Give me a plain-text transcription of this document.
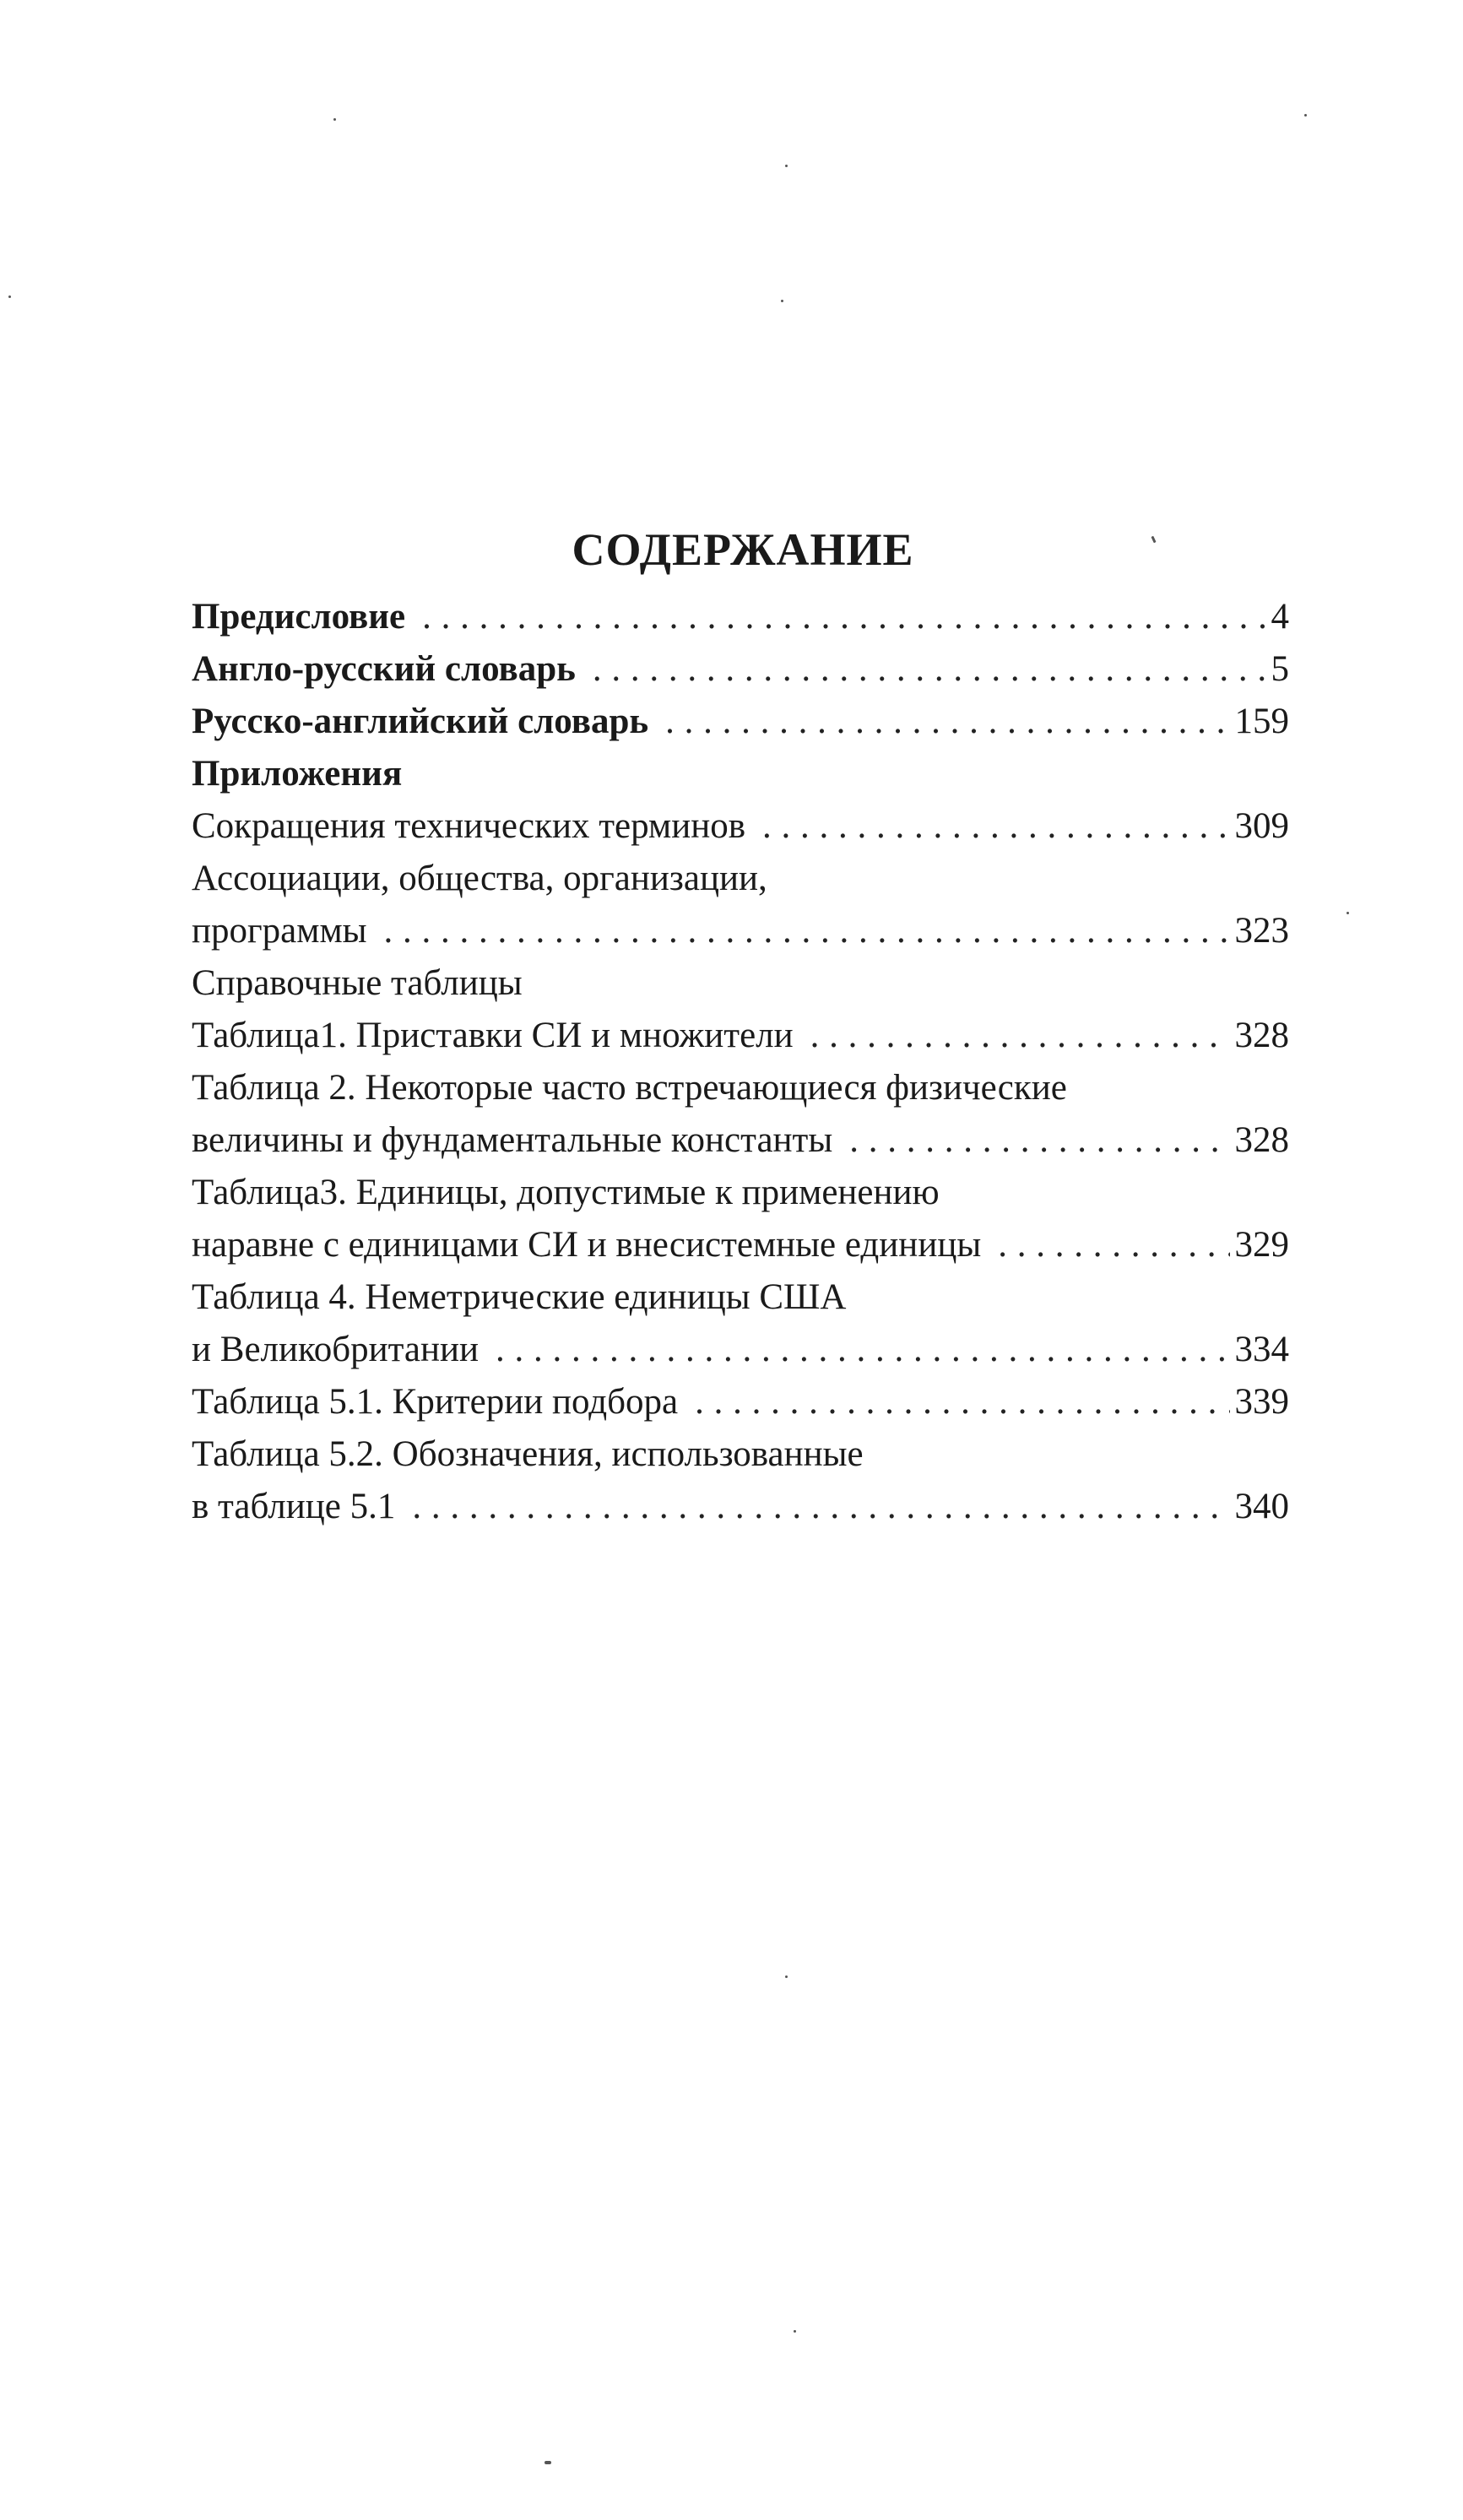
СОДЕРЖАНИЕ
Предисловие . . .	4
Англо-русский словарь . . .	5
Русско-английский словарь . . .	159
Приложения
Сокращения технических терминов . . .	309
Ассоциации, общества, организации,
программы . . .	323
Справочные таблицы
Таблица1. Приставки СИ и множители . . .	328
Таблица 2. Некоторые часто встречающиеся физические
величины и фундаментальные константы . . .	328
Таблица3. Единицы, допустимые к применению
наравне с единицами СИ и внесистемные единицы . . .	329
Таблица 4. Неметрические единицы США
и Великобритании . . .	334
Таблица 5.1. Критерии подбора . . .	339
Таблица 5.2. Обозначения, использованные
в таблице 5.1 . . .	340
